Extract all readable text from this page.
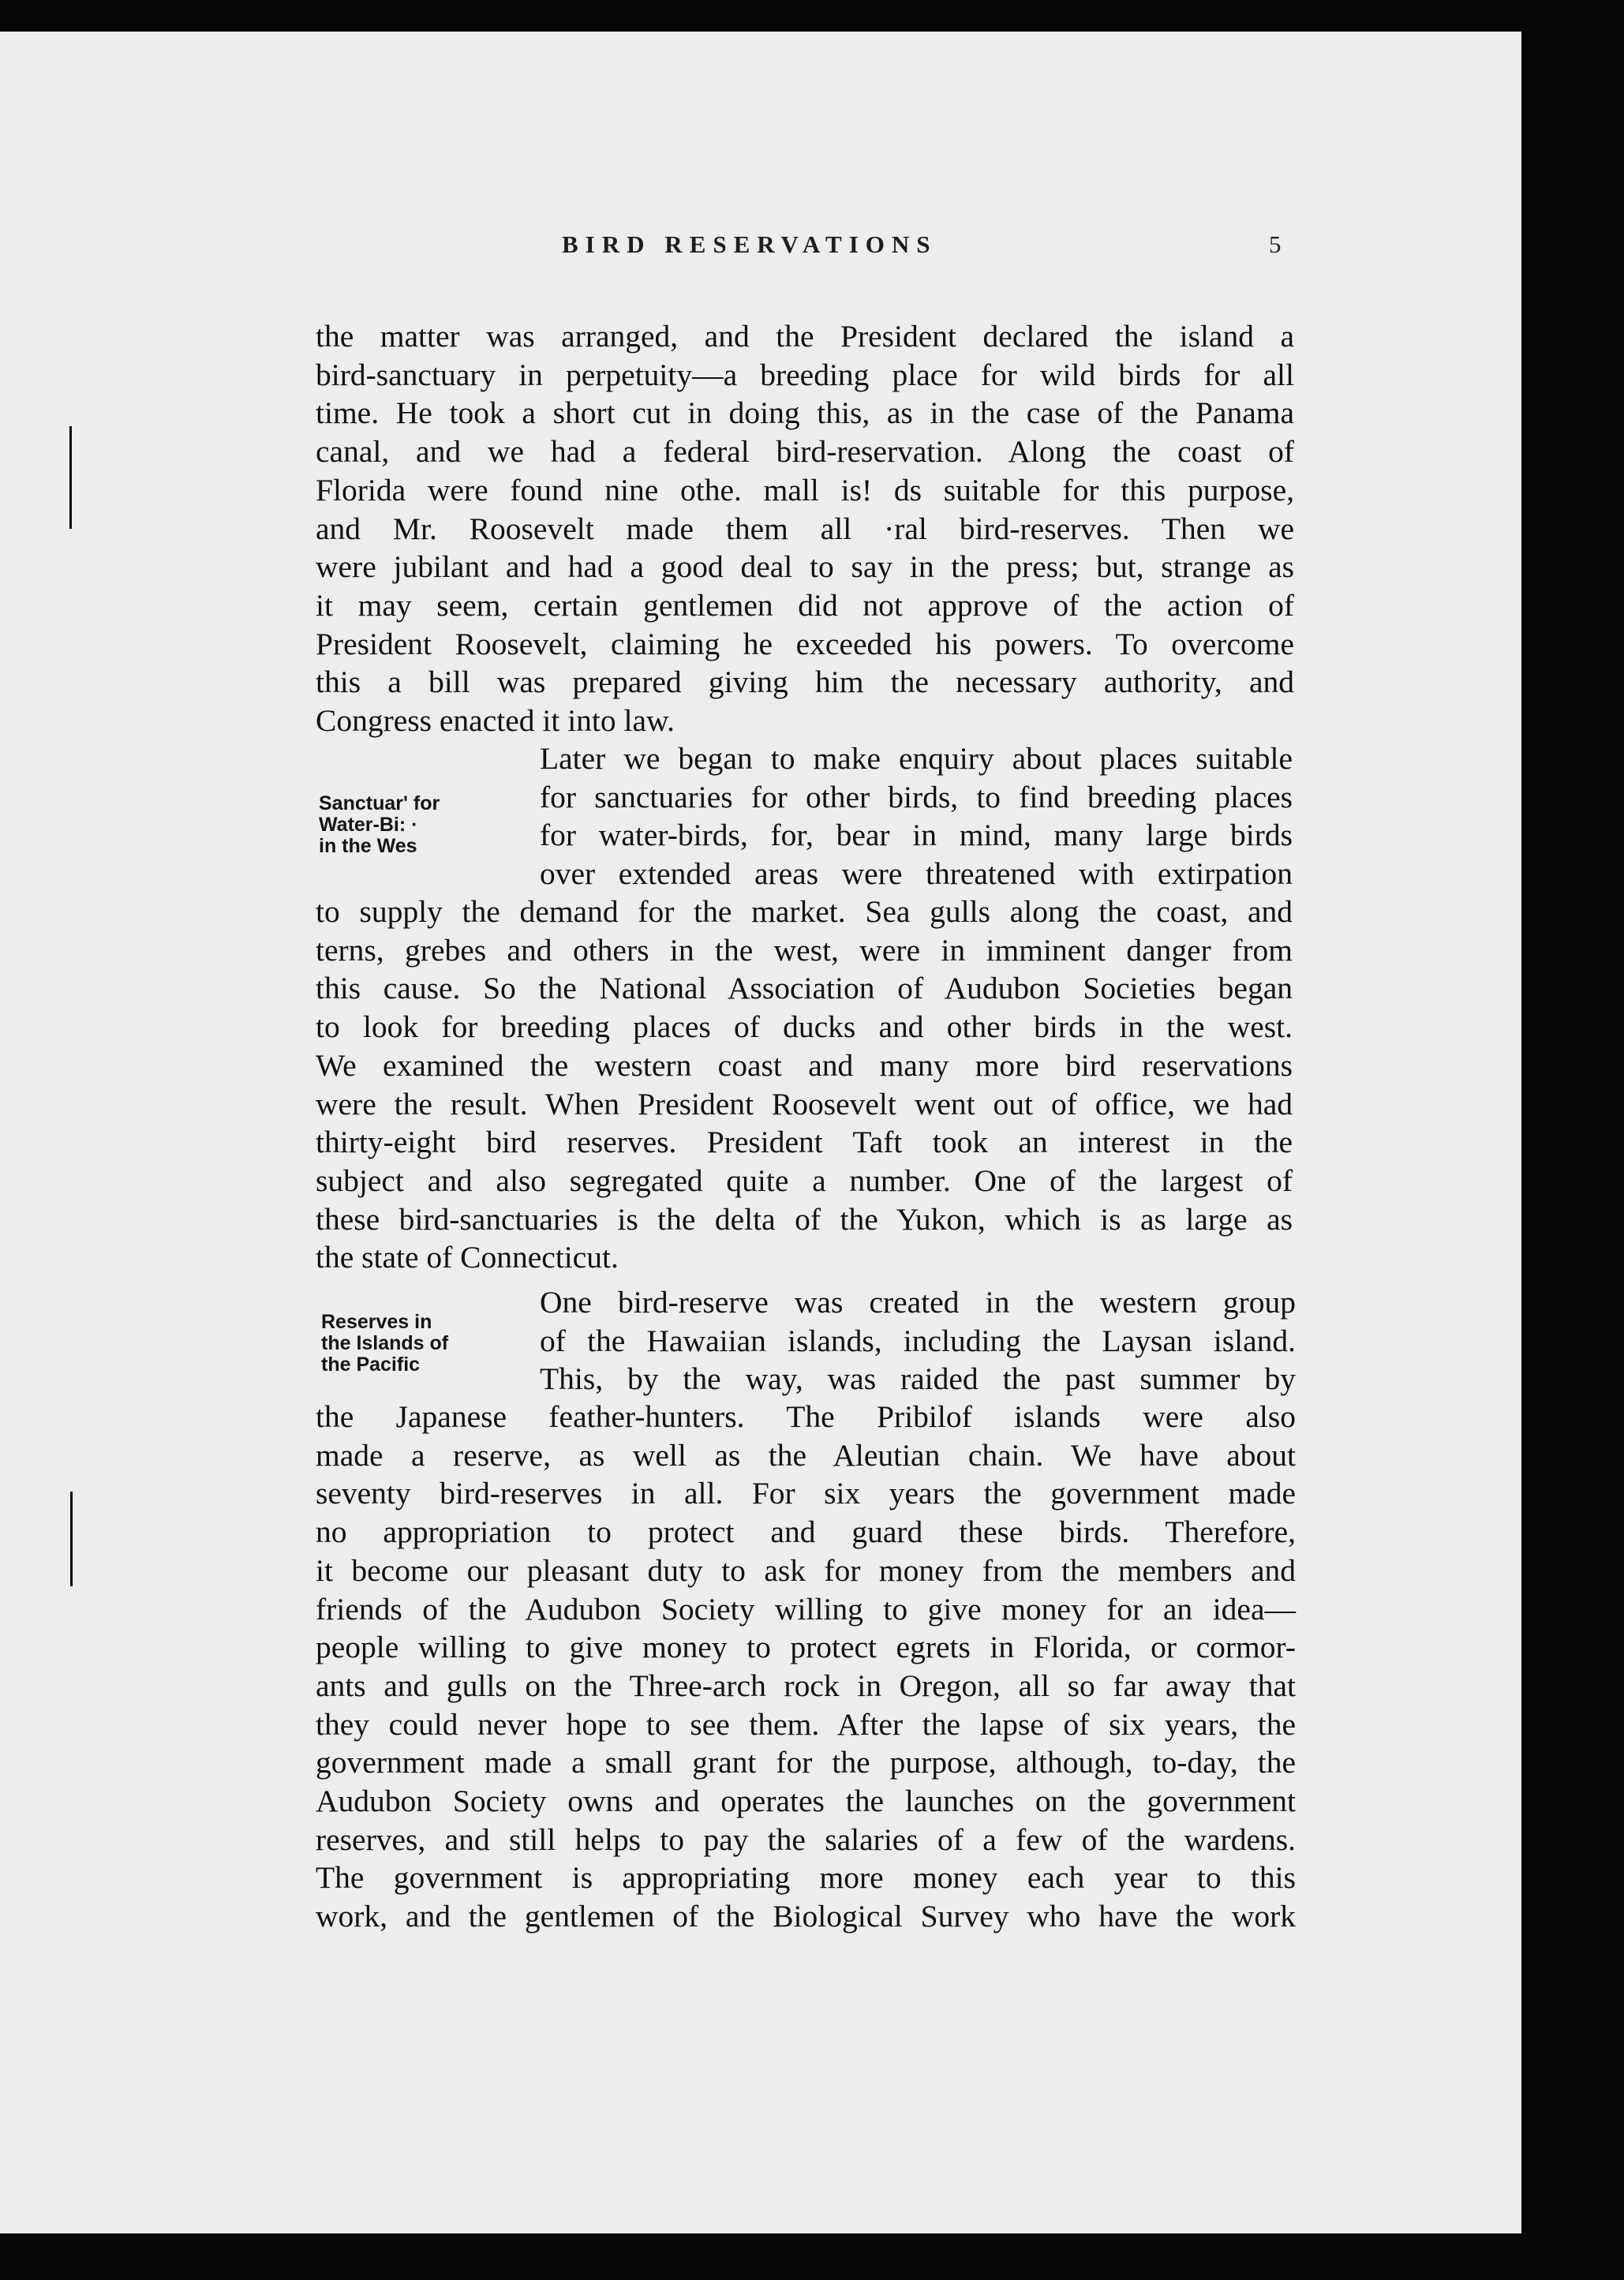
BIRD RESERVATIONS	5
the matter was arranged, and the President declared the island a
bird-sanctuary in perpetuity—a breeding place for wild birds for all
time. He took a short cut in doing this, as in the case of the Panama
canal, and we had a federal bird-reservation. Along the coast of
Florida were found nine othe. mall is! ds suitable for this purpose,
and Mr. Roosevelt made them all ·ral bird-reserves. Then we
were jubilant and had a good deal to say in the press; but, strange as
it may seem, certain gentlemen did not approve of the action of
President Roosevelt, claiming he exceeded his powers. To overcome
this a bill was prepared giving him the necessary authority, and
Congress enacted it into law.
Later we began to make enquiry about places suitable
for sanctuaries for other birds, to find breeding places
for water-birds, for, bear in mind, many large birds
over extended areas were threatened with extirpation
to supply the demand for the market. Sea gulls along the coast, and
terns, grebes and others in the west, were in imminent danger from
this cause. So the National Association of Audubon Societies began
to look for breeding places of ducks and other birds in the west.
We examined the western coast and many more bird reservations
were the result. When President Roosevelt went out of office, we had
thirty-eight bird reserves. President Taft took an interest in the
subject and also segregated quite a number. One of the largest of
these bird-sanctuaries is the delta of the Yukon, which is as large as
the state of Connecticut.
One bird-reserve was created in the western group
of the Hawaiian islands, including the Laysan island.
This, by the way, was raided the past summer by
the Japanese feather-hunters. The Pribilof islands were also
made a reserve, as well as the Aleutian chain. We have about
seventy bird-reserves in all. For six years the government made
no appropriation to protect and guard these birds. Therefore,
it become our pleasant duty to ask for money from the members and
friends of the Audubon Society willing to give money for an idea—
people willing to give money to protect egrets in Florida, or cormor-
ants and gulls on the Three-arch rock in Oregon, all so far away that
they could never hope to see them. After the lapse of six years, the
government made a small grant for the purpose, although, to-day, the
Audubon Society owns and operates the launches on the government
reserves, and still helps to pay the salaries of a few of the wardens.
The government is appropriating more money each year to this
work, and the gentlemen of the Biological Survey who have the work
Sanctuar' for
Water-Bi: ·
in the Wes
Reserves in
the Islands of
the Pacific
